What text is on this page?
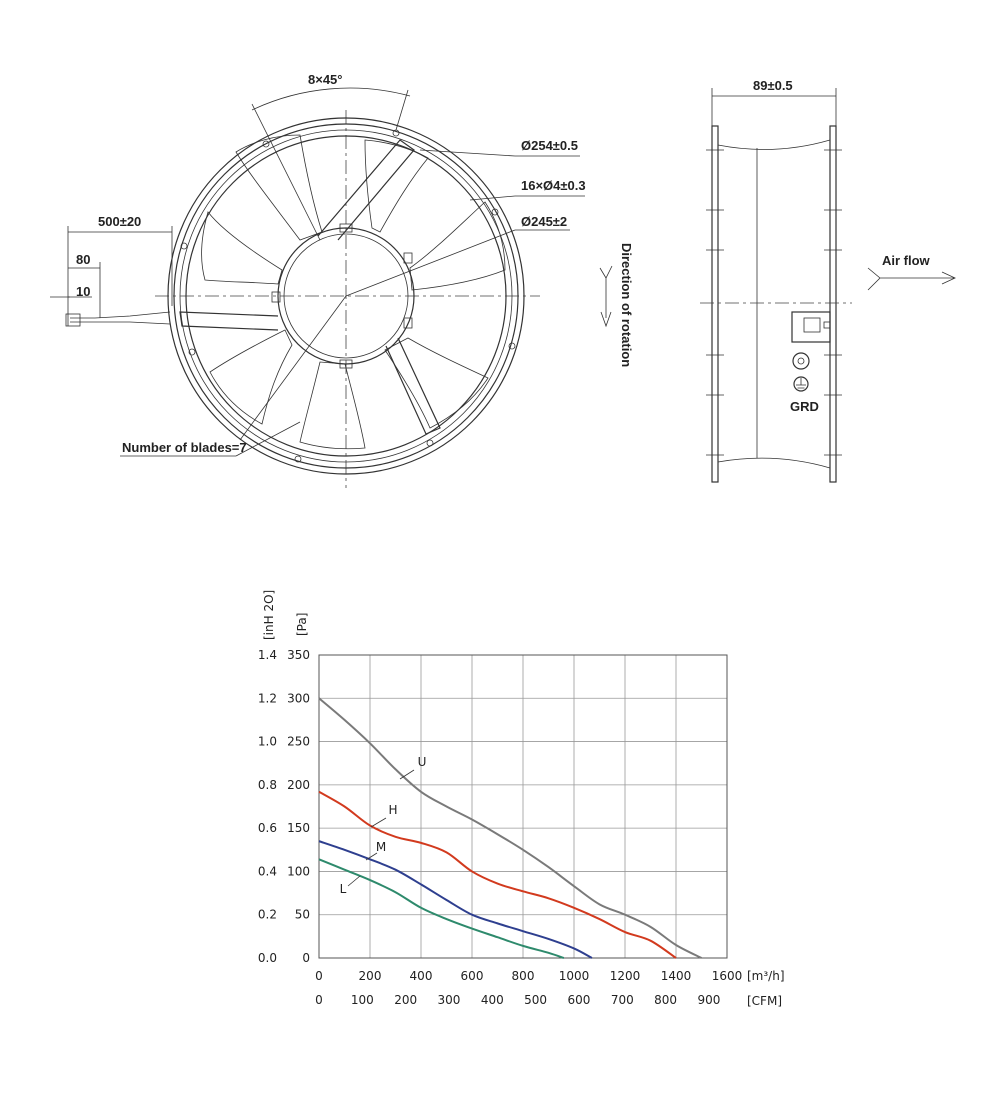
500±20
80
10
8×45°
Ø254±0.5
16×Ø4±0.3
Ø245±2
Number of blades=7
Direction of rotation
GRD
89±0.5
Air flow
0
0.0
50
0.2
100
0.4
150
0.6
200
0.8
250
1.0
300
1.2
350
1.4
0	200 400 600 800 1000 1200 1400 1600
0 100 200 300 400 500 600 700 800 900
U
H
M
L
[inH 2O] [Pa]
[m³/h]
[CFM]
